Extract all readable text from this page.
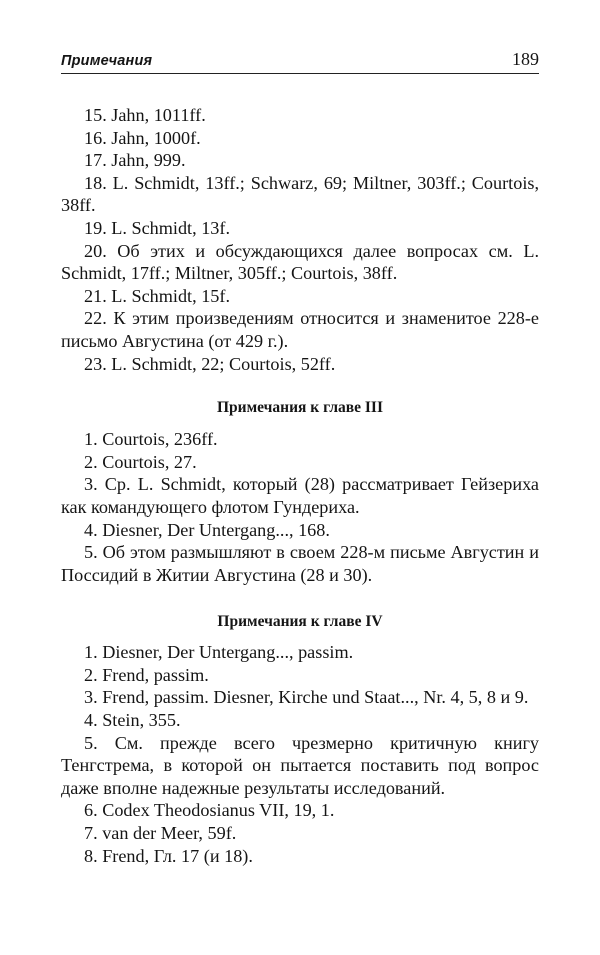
Примечания	189

15. Jahn, 1011ff.

16. Jahn, 1000f.

17. Jahn, 999.

18. L. Schmidt, 13ff.; Schwarz, 69; Miltner, 303ff.; Courtois, 38ff.

19. L. Schmidt, 13f.

20. Об этих и обсуждающихся далее вопросах см. L. Schmidt, 17ff.; Miltner, 305ff.; Courtois, 38ff.

21. L. Schmidt, 15f.

22. К этим произведениям относится и знаменитое 228-е письмо Августина (от 429 г.).

23. L. Schmidt, 22; Courtois, 52ff.

Примечания к главе III

1. Courtois, 236ff.

2. Courtois, 27.

3. Ср. L. Schmidt, который (28) рассматривает Гейзериха как командующего флотом Гундериха.

4. Diesner, Der Untergang..., 168.

5. Об этом размышляют в своем 228-м письме Августин и Поссидий в Житии Августина (28 и 30).

Примечания к главе IV

1. Diesner, Der Untergang..., passim.

2. Frend, passim.

3. Frend, passim. Diesner, Kirche und Staat..., Nr. 4, 5, 8 и 9.

4. Stein, 355.

5. См. прежде всего чрезмерно критичную книгу Тенгстрема, в которой он пытается поставить под вопрос даже вполне надежные результаты исследований.

6. Codex Theodosianus VII, 19, 1.

7. van der Meer, 59f.

8. Frend, Гл. 17 (и 18).
